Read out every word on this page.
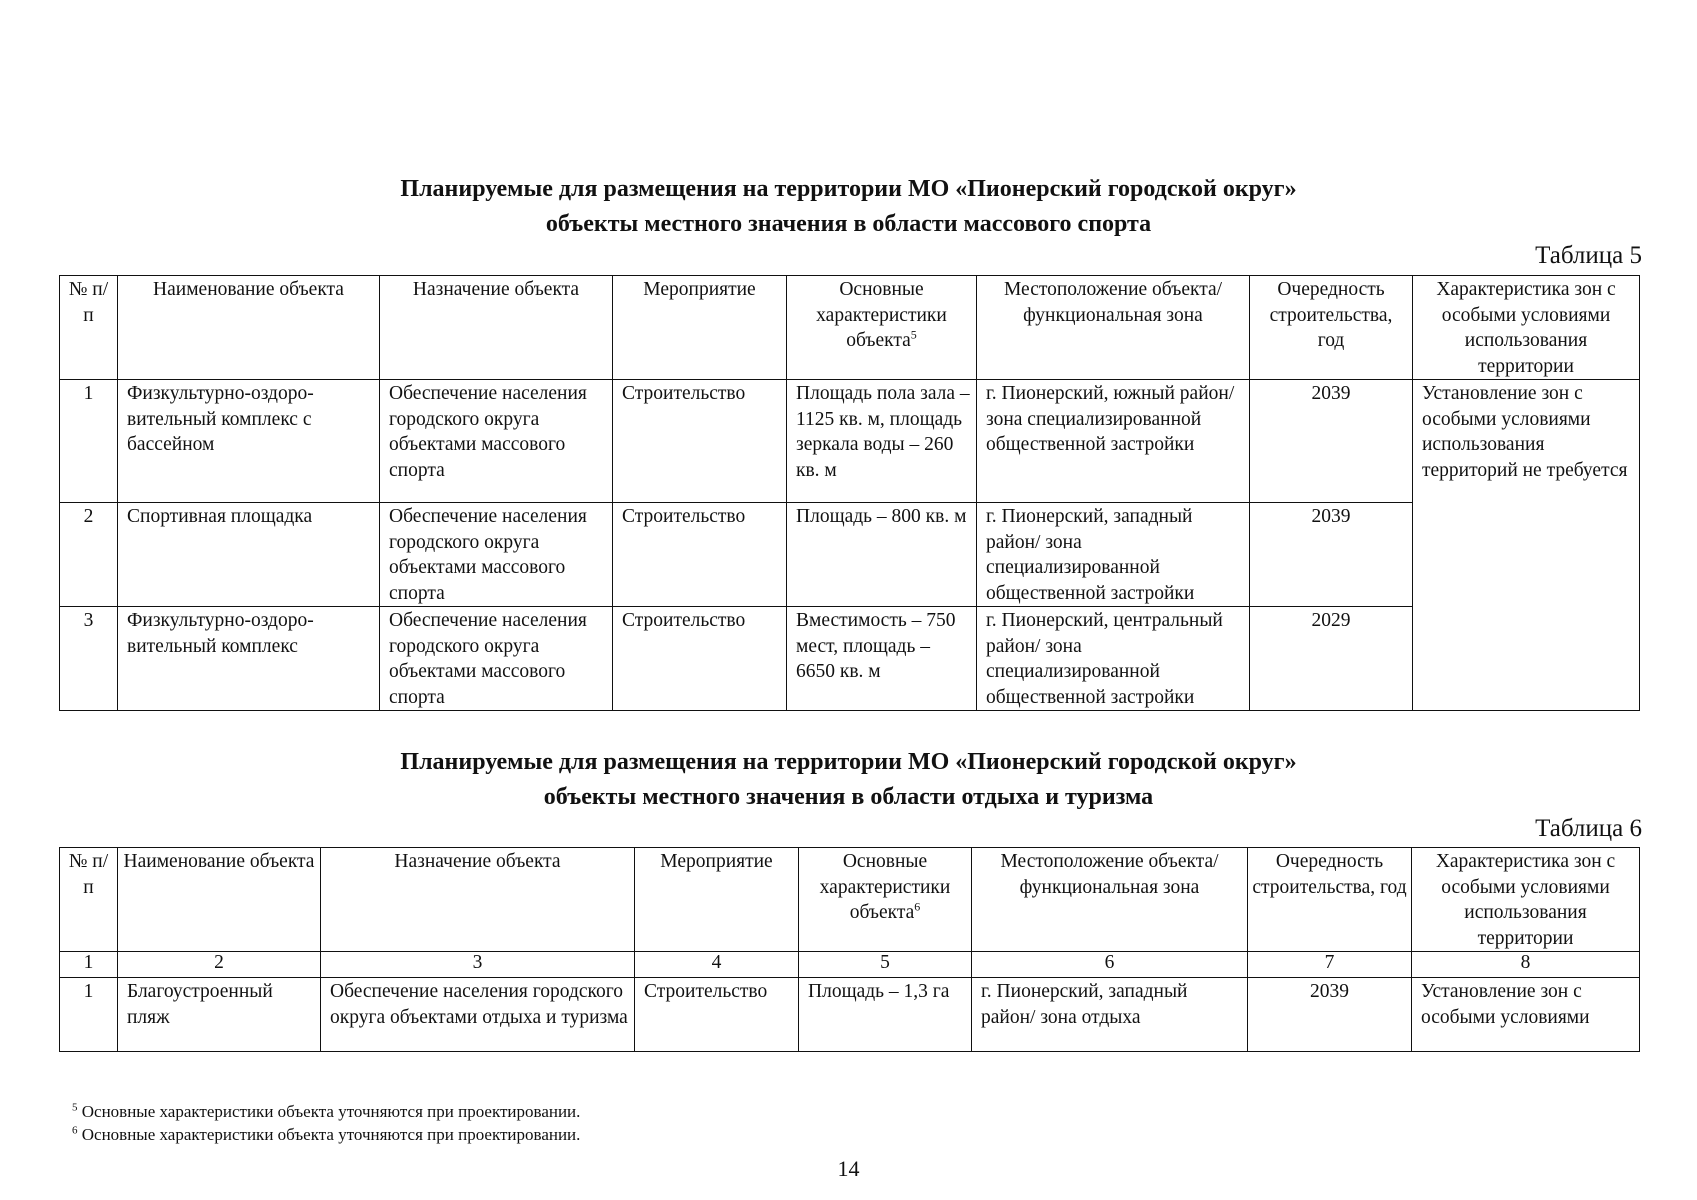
Планируемые для размещения на территории МО «Пионерский городской округ»
объекты местного значения в области массового спорта
Таблица 5
№ п/п	Наименование объекта	Назначение объекта	Мероприятие	Основные характеристики объекта$^5$	Местоположение объекта/ функциональная зона	Очередность строительства, год	Характеристика зон с особыми условиями использования территории
1	Физкультурно-оздоро-вительный комплекс с бассейном	Обеспечение населения городского округа объектами массового спорта	Строительство	Площадь пола зала – 1125 кв. м, площадь зеркала воды – 260 кв. м	г. Пионерский, южный район/ зона специализированной общественной застройки	2039	Установление зон с особыми условиями использования территорий не требуется
2	Спортивная площадка	Обеспечение населения городского округа объектами массового спорта	Строительство	Площадь – 800 кв. м	г. Пионерский, западный район/ зона специализированной общественной застройки	2039	
3	Физкультурно-оздоро-вительный комплекс	Обеспечение населения городского округа объектами массового спорта	Строительство	Вместимость – 750 мест, площадь – 6650 кв. м	г. Пионерский, центральный район/ зона специализированной общественной застройки	2029	
Планируемые для размещения на территории МО «Пионерский городской округ»
объекты местного значения в области отдыха и туризма
Таблица 6
№ п/п	Наименование объекта	Назначение объекта	Мероприятие	Основные характеристики объекта$^6$	Местоположение объекта/ функциональная зона	Очередность строительства, год	Характеристика зон с особыми условиями использования территории
1	2	3	4	5	6	7	8
1	Благоустроенный пляж	Обеспечение населения городского округа объектами отдыха и туризма	Строительство	Площадь – 1,3 га	г. Пионерский, западный район/ зона отдыха	2039	Установление зон с особыми условиями
$^5$ Основные характеристики объекта уточняются при проектировании.
$^6$ Основные характеристики объекта уточняются при проектировании.
14
